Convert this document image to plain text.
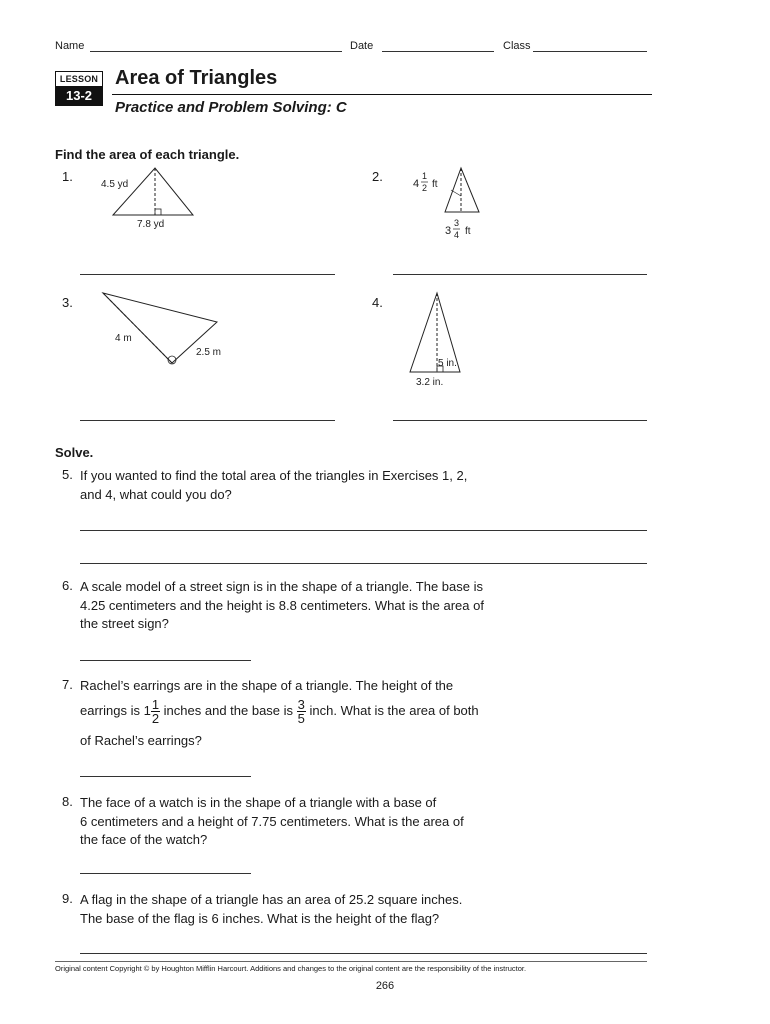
Name	Date	Class
LESSON
13-2
Area of Triangles
Practice and Problem Solving: C
Find the area of each triangle.
1.
4.5 yd
7.8 yd
2.	4
1
2 ft
3
3
4 ft
3.
4 m
2.5 m
4.
5 in.
3.2 in.
Solve.
5. If you wanted to find the total area of the triangles in Exercises 1, 2,
and 4, what could you do?
6. A scale model of a street sign is in the shape of a triangle. The base is
4.25 centimeters and the height is 8.8 centimeters. What is the area of
the street sign?
7. Rachel’s earrings are in the shape of a triangle. The height of the
earrings is $1 \frac{1}{2}$ inches and the base is $\frac{3}{5}$ inch. What is the area of both
of Rachel’s earrings?
8. The face of a watch is in the shape of a triangle with a base of
6 centimeters and a height of 7.75 centimeters. What is the area of
the face of the watch?
9. A flag in the shape of a triangle has an area of 25.2 square inches.
The base of the flag is 6 inches. What is the height of the flag?
Original content Copyright © by Houghton Mifflin Harcourt. Additions and changes to the original content are the responsibility of the instructor.
266
